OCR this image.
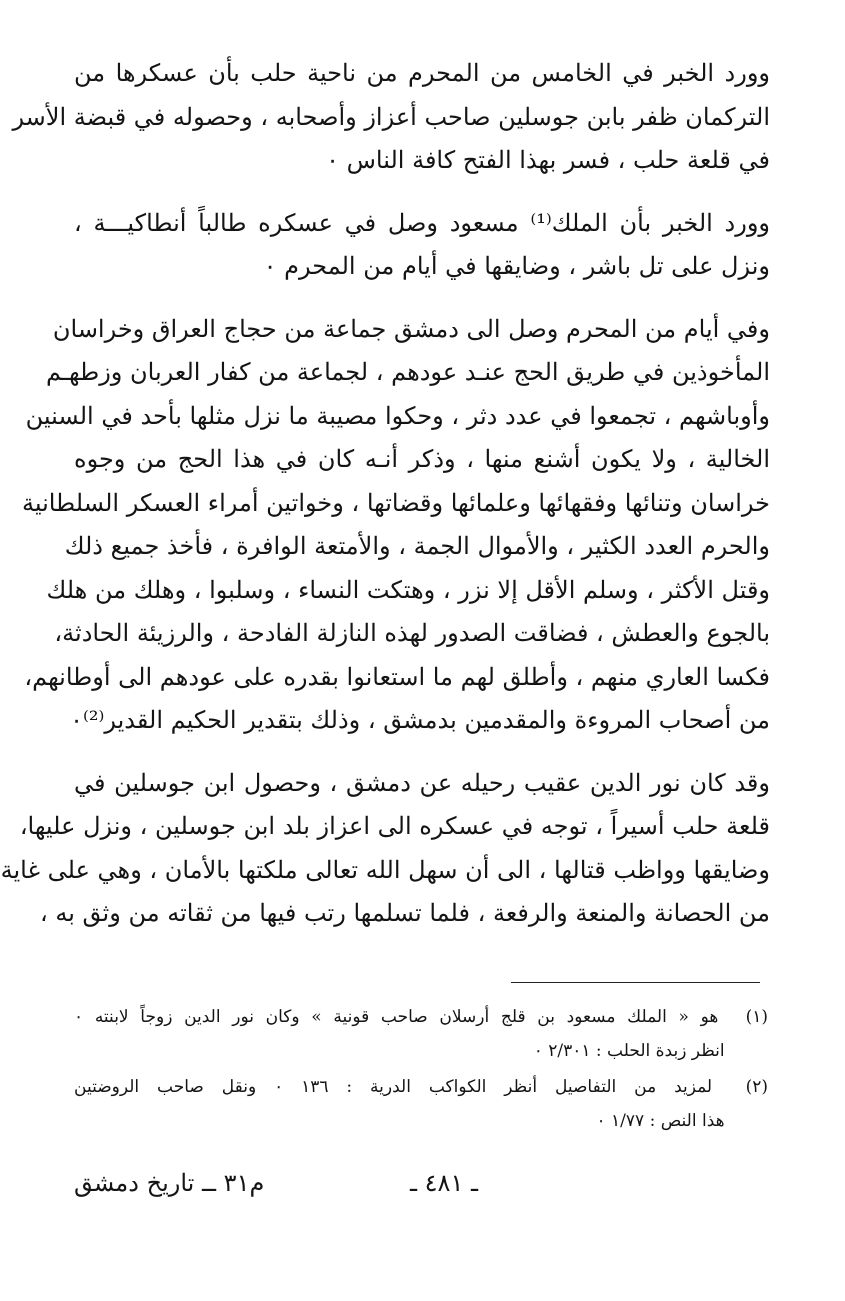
وورد الخبر في الخامس من المحرم من ناحية حلب بأن عسكرها من
التركمان ظفر بابن جوسلين صاحب أعزاز وأصحابه ، وحصوله في قبضة الأسر
في قلعة حلب ، فسر بهذا الفتح كافة الناس ٠
وورد الخبر بأن الملك⁽¹⁾ مسعود وصل في عسكره طالباً أنطاكيـــة ،
ونزل على تل باشر ، وضايقها في أيام من المحرم ٠
وفي أيام من المحرم وصل الى دمشق جماعة من حجاج العراق وخراسان
المأخوذين في طريق الحج عنـد عودهم ، لجماعة من كفار العربان وزطهـم
وأوباشهم ، تجمعوا في عدد دثر ، وحكوا مصيبة ما نزل مثلها بأحد في السنين
الخالية ، ولا يكون أشنع منها ، وذكر أنـه كان في هذا الحج من وجوه
خراسان وتنائها وفقهائها وعلمائها وقضاتها ، وخواتين أمراء العسكر السلطانية
والحرم العدد الكثير ، والأموال الجمة ، والأمتعة الوافرة ، فأخذ جميع ذلك
وقتل الأكثر ، وسلم الأقل إلا نزر ، وهتكت النساء ، وسلبوا ، وهلك من هلك
بالجوع والعطش ، فضاقت الصدور لهذه النازلة الفادحة ، والرزيئة الحادثة،
فكسا العاري منهم ، وأطلق لهم ما استعانوا بقدره على عودهم الى أوطانهم،
من أصحاب المروءة والمقدمين بدمشق ، وذلك بتقدير الحكيم القدير⁽²⁾٠
وقد كان نور الدين عقيب رحيله عن دمشق ، وحصول ابن جوسلين في
قلعة حلب أسيراً ، توجه في عسكره الى اعزاز بلد ابن جوسلين ، ونزل عليها،
وضايقها وواظب قتالها ، الى أن سهل الله تعالى ملكتها بالأمان ، وهي على غاية
من الحصانة والمنعة والرفعة ، فلما تسلمها رتب فيها من ثقاته من وثق به ،
(١) هو « الملك مسعود بن قلج أرسلان صاحب قونية » وكان نور الدين زوجاً لابنته ٠
انظر زبدة الحلب : ٢/٣٠١ ٠
(٢) لمزيد من التفاصيل أنظر الكواكب الدرية : ١٣٦ ٠ ونقل صاحب الروضتين
هذا النص : ١/٧٧ ٠
ـ ٤٨١ ـ
م٣١ ــ تاريخ دمشق
